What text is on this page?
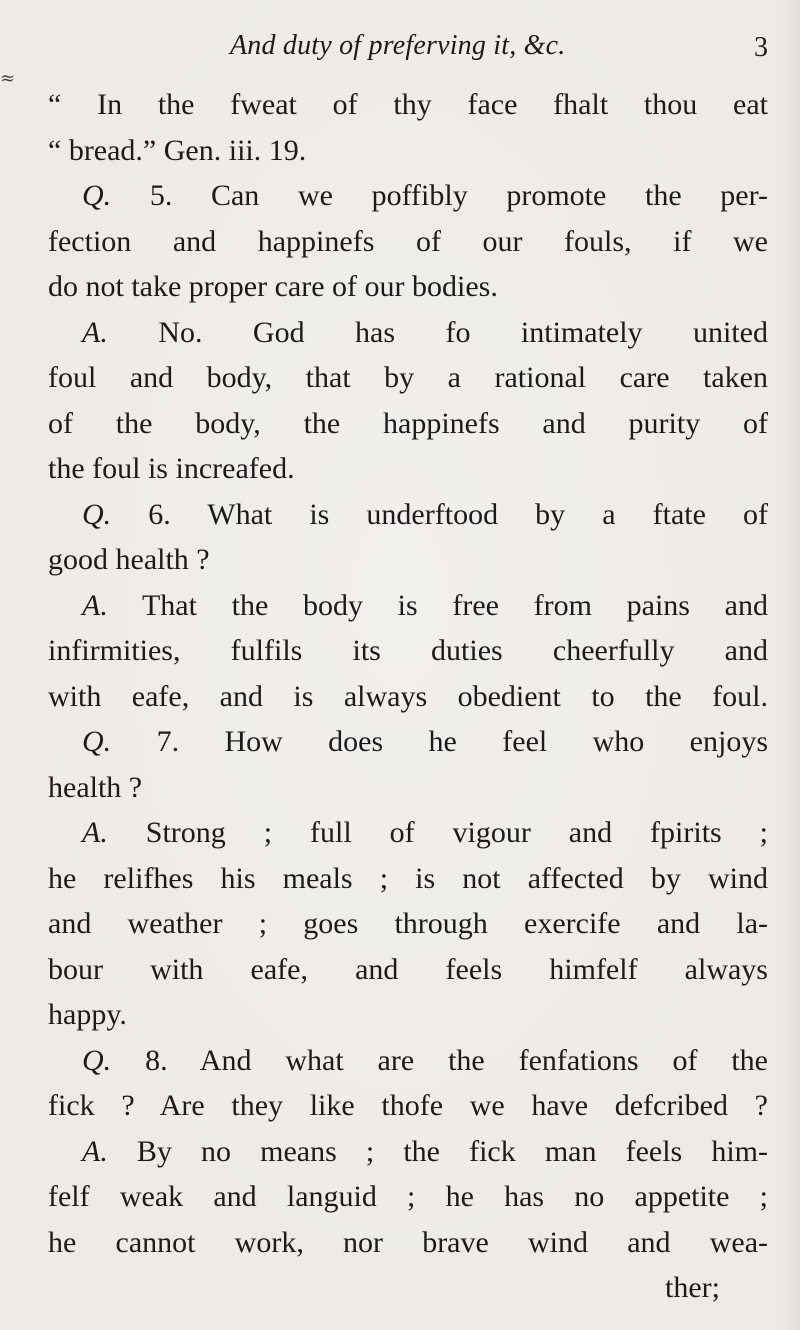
And duty of preferving it, &c.	3
≈
“ In the fweat of thy face fhalt thou eat
“ bread.” Gen. iii. 19.
Q. 5. Can we poffibly promote the per-
fection and happinefs of our fouls, if we
do not take proper care of our bodies.
A. No. God has fo intimately united
foul and body, that by a rational care taken
of the body, the happinefs and purity of
the foul is increafed.
Q. 6. What is underftood by a ftate of
good health ?
A. That the body is free from pains and
infirmities, fulfils its duties cheerfully and
with eafe, and is always obedient to the foul.
Q. 7. How does he feel who enjoys
health ?
A. Strong ; full of vigour and fpirits ;
he relifhes his meals ; is not affected by wind
and weather ; goes through exercife and la-
bour with eafe, and feels himfelf always
happy.
Q. 8. And what are the fenfations of the
fick ? Are they like thofe we have defcribed ?
A. By no means ; the fick man feels him-
felf weak and languid ; he has no appetite ;
he cannot work, nor brave wind and wea-
ther;
